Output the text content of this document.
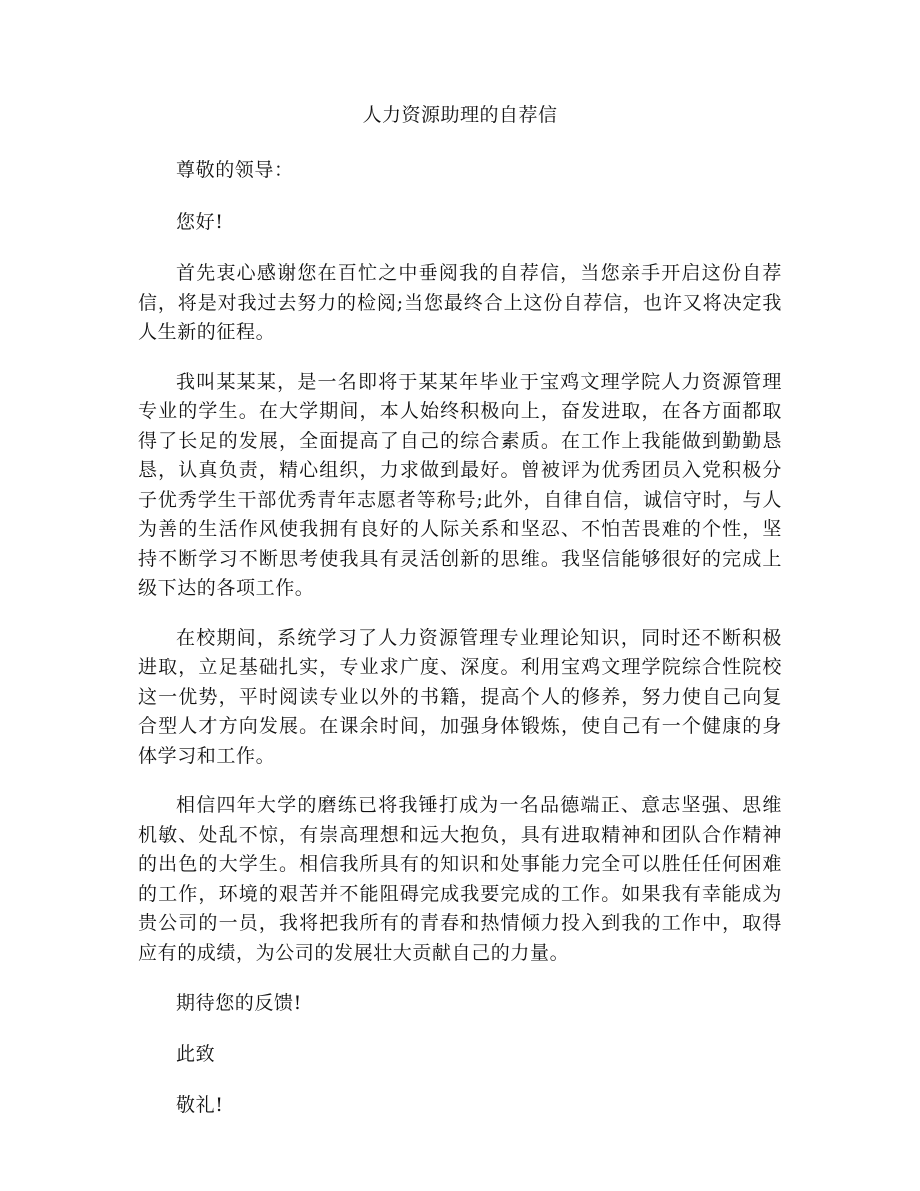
人力资源助理的自荐信
尊敬的领导：
您好!
首先衷心感谢您在百忙之中垂阅我的自荐信，当您亲手开启这份自荐信，将是对我过去努力的检阅;当您最终合上这份自荐信，也许又将决定我人生新的征程。
我叫某某某，是一名即将于某某年毕业于宝鸡文理学院人力资源管理专业的学生。在大学期间，本人始终积极向上，奋发进取，在各方面都取得了长足的发展，全面提高了自己的综合素质。在工作上我能做到勤勤恳恳，认真负责，精心组织，力求做到最好。曾被评为优秀团员入党积极分子优秀学生干部优秀青年志愿者等称号;此外，自律自信，诚信守时，与人为善的生活作风使我拥有良好的人际关系和坚忍、不怕苦畏难的个性，坚持不断学习不断思考使我具有灵活创新的思维。我坚信能够很好的完成上级下达的各项工作。
在校期间，系统学习了人力资源管理专业理论知识，同时还不断积极进取，立足基础扎实，专业求广度、深度。利用宝鸡文理学院综合性院校这一优势，平时阅读专业以外的书籍，提高个人的修养，努力使自己向复合型人才方向发展。在课余时间，加强身体锻炼，使自己有一个健康的身体学习和工作。
相信四年大学的磨练已将我锤打成为一名品德端正、意志坚强、思维机敏、处乱不惊，有崇高理想和远大抱负，具有进取精神和团队合作精神的出色的大学生。相信我所具有的知识和处事能力完全可以胜任任何困难的工作，环境的艰苦并不能阻碍完成我要完成的工作。如果我有幸能成为贵公司的一员，我将把我所有的青春和热情倾力投入到我的工作中，取得应有的成绩，为公司的发展壮大贡献自己的力量。
期待您的反馈!
此致
敬礼!
